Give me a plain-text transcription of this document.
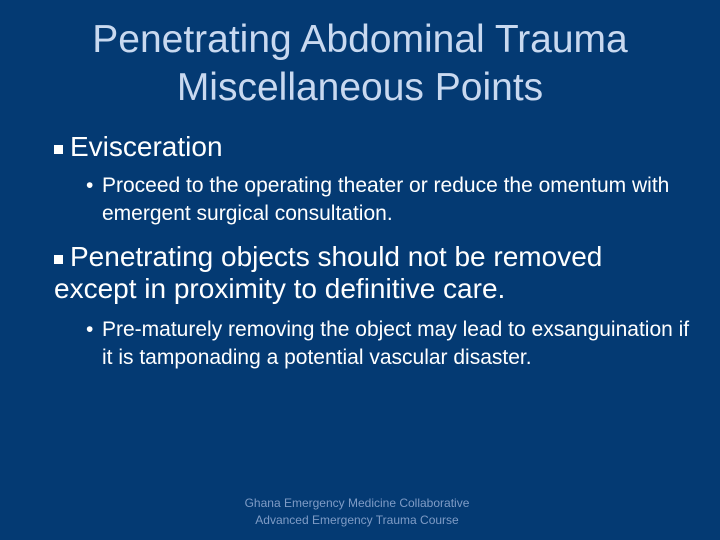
Penetrating Abdominal Trauma
Miscellaneous Points
Evisceration
• Proceed to the operating theater or reduce the omentum with emergent surgical consultation.
Penetrating objects should not be removed
except in proximity to definitive care.
• Pre-maturely removing the object may lead to exsanguination if it is tamponading a potential vascular disaster.
Ghana Emergency Medicine Collaborative
Advanced Emergency Trauma Course
